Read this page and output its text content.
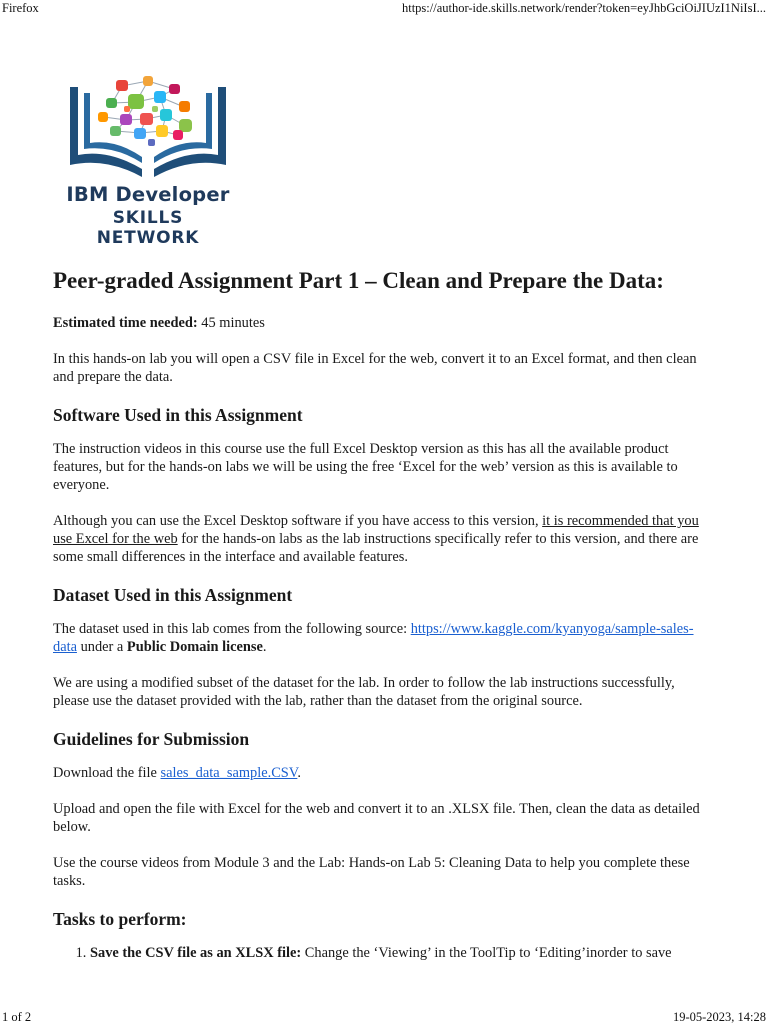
Firefox	https://author-ide.skills.network/render?token=eyJhbGciOiJIUzI1NiIsI...
IBM Developer
SKILLS NETWORK
Peer-graded Assignment Part 1 – Clean and Prepare the Data:

Estimated time needed: 45 minutes

In this hands-on lab you will open a CSV file in Excel for the web, convert it to an Excel format, and then clean and prepare the data.

Software Used in this Assignment

The instruction videos in this course use the full Excel Desktop version as this has all the available product features, but for the hands-on labs we will be using the free ‘Excel for the web’ version as this is available to everyone.

Although you can use the Excel Desktop software if you have access to this version, it is recommended that you use Excel for the web for the hands-on labs as the lab instructions specifically refer to this version, and there are some small differences in the interface and available features.

Dataset Used in this Assignment

The dataset used in this lab comes from the following source: https://www.kaggle.com/kyanyoga/sample-sales-data under a Public Domain license.

We are using a modified subset of the dataset for the lab. In order to follow the lab instructions successfully, please use the dataset provided with the lab, rather than the dataset from the original source.

Guidelines for Submission

Download the file sales_data_sample.CSV.

Upload and open the file with Excel for the web and convert it to an .XLSX file. Then, clean the data as detailed below.

Use the course videos from Module 3 and the Lab: Hands-on Lab 5: Cleaning Data to help you complete these tasks.

Tasks to perform:
1. Save the CSV file as an XLSX file: Change the ‘Viewing’ in the ToolTip to ‘Editing’inorder to save
1 of 2	19-05-2023, 14:28
